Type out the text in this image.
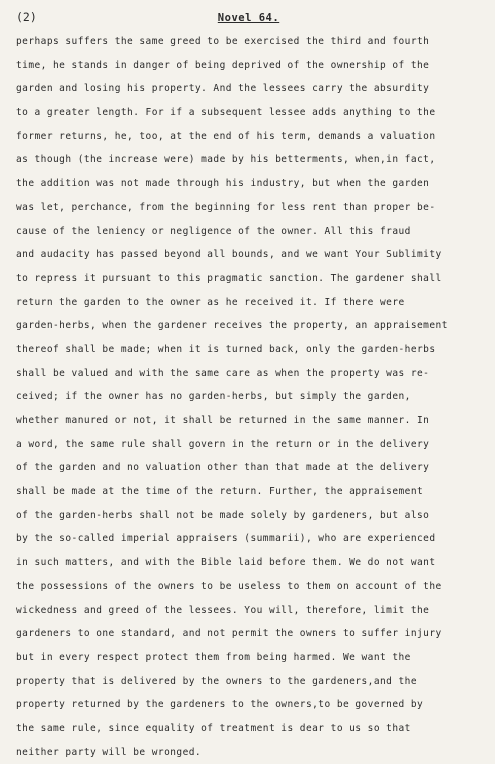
(2)	Novel 64.
perhaps suffers the same greed to be exercised the third and fourth
time, he stands in danger of being deprived of the ownership of the
garden and losing his property. And the lessees carry the absurdity
to a greater length. For if a subsequent lessee adds anything to the
former returns, he, too, at the end of his term, demands a valuation
as though (the increase were) made by his betterments, when,in fact,
the addition was not made through his industry, but when the garden
was let, perchance, from the beginning for less rent than proper be-
cause of the leniency or negligence of the owner. All this fraud
and audacity has passed beyond all bounds, and we want Your Sublimity
to repress it pursuant to this pragmatic sanction. The gardener shall
return the garden to the owner as he received it. If there were
garden-herbs, when the gardener receives the property, an appraisement
thereof shall be made; when it is turned back, only the garden-herbs
shall be valued and with the same care as when the property was re-
ceived; if the owner has no garden-herbs, but simply the garden,
whether manured or not, it shall be returned in the same manner. In
a word, the same rule shall govern in the return or in the delivery
of the garden and no valuation other than that made at the delivery
shall be made at the time of the return. Further, the appraisement
of the garden-herbs shall not be made solely by gardeners, but also
by the so-called imperial appraisers (summarii), who are experienced
in such matters, and with the Bible laid before them. We do not want
the possessions of the owners to be useless to them on account of the
wickedness and greed of the lessees. You will, therefore, limit the
gardeners to one standard, and not permit the owners to suffer injury
but in every respect protect them from being harmed. We want the
property that is delivered by the owners to the gardeners,and the
property returned by the gardeners to the owners,to be governed by
the same rule, since equality of treatment is dear to us so that
neither party will be wronged.
